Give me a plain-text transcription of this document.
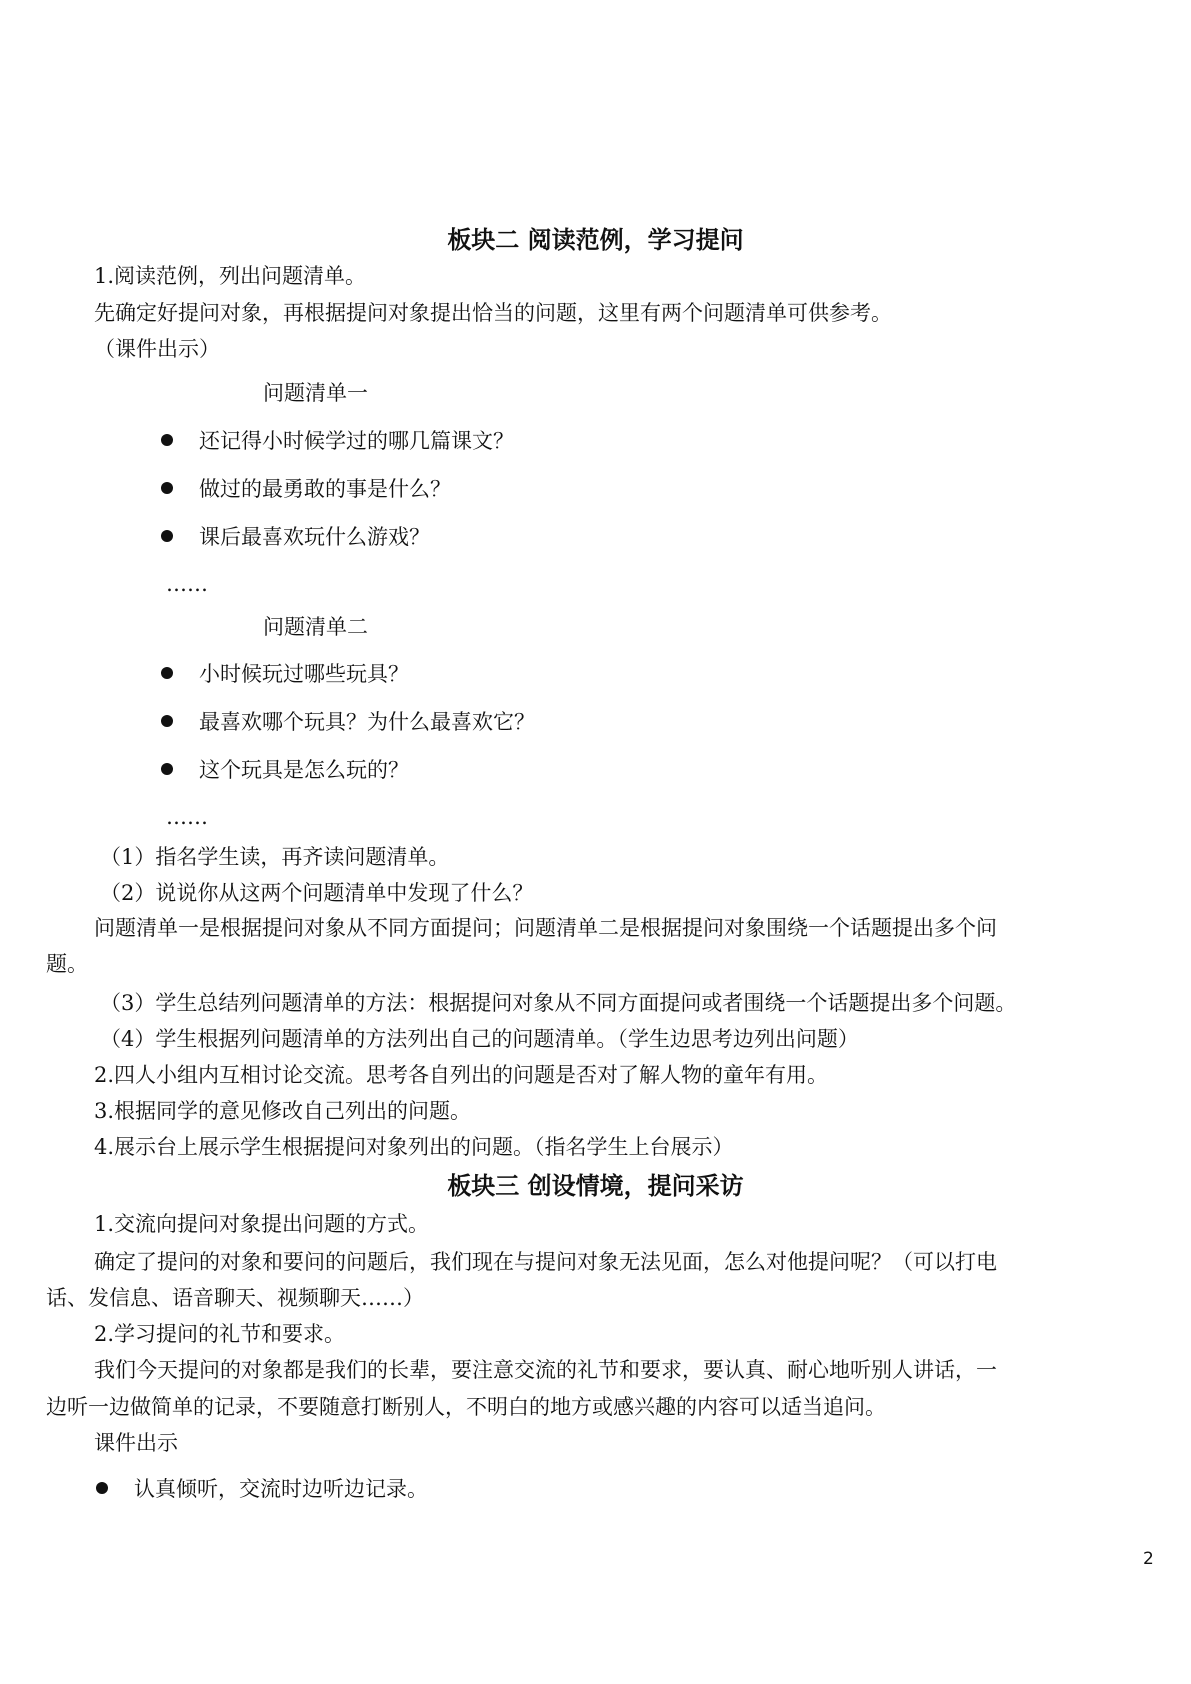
板块二 阅读范例，学习提问
1.阅读范例，列出问题清单。
先确定好提问对象，再根据提问对象提出恰当的问题，这里有两个问题清单可供参考。
（课件出示）
问题清单一
还记得小时候学过的哪几篇课文？
做过的最勇敢的事是什么？
课后最喜欢玩什么游戏？
……
问题清单二
小时候玩过哪些玩具？
最喜欢哪个玩具？为什么最喜欢它？
这个玩具是怎么玩的？
……
（1）指名学生读，再齐读问题清单。
（2）说说你从这两个问题清单中发现了什么？
问题清单一是根据提问对象从不同方面提问；问题清单二是根据提问对象围绕一个话题提出多个问
题。
（3）学生总结列问题清单的方法：根据提问对象从不同方面提问或者围绕一个话题提出多个问题。
（4）学生根据列问题清单的方法列出自己的问题清单。（学生边思考边列出问题）
2.四人小组内互相讨论交流。思考各自列出的问题是否对了解人物的童年有用。
3.根据同学的意见修改自己列出的问题。
4.展示台上展示学生根据提问对象列出的问题。（指名学生上台展示）
板块三 创设情境，提问采访
1.交流向提问对象提出问题的方式。
确定了提问的对象和要问的问题后，我们现在与提问对象无法见面，怎么对他提问呢？（可以打电
话、发信息、语音聊天、视频聊天……）
2.学习提问的礼节和要求。
我们今天提问的对象都是我们的长辈，要注意交流的礼节和要求，要认真、耐心地听别人讲话，一
边听一边做简单的记录，不要随意打断别人，不明白的地方或感兴趣的内容可以适当追问。
课件出示
认真倾听，交流时边听边记录。
2
